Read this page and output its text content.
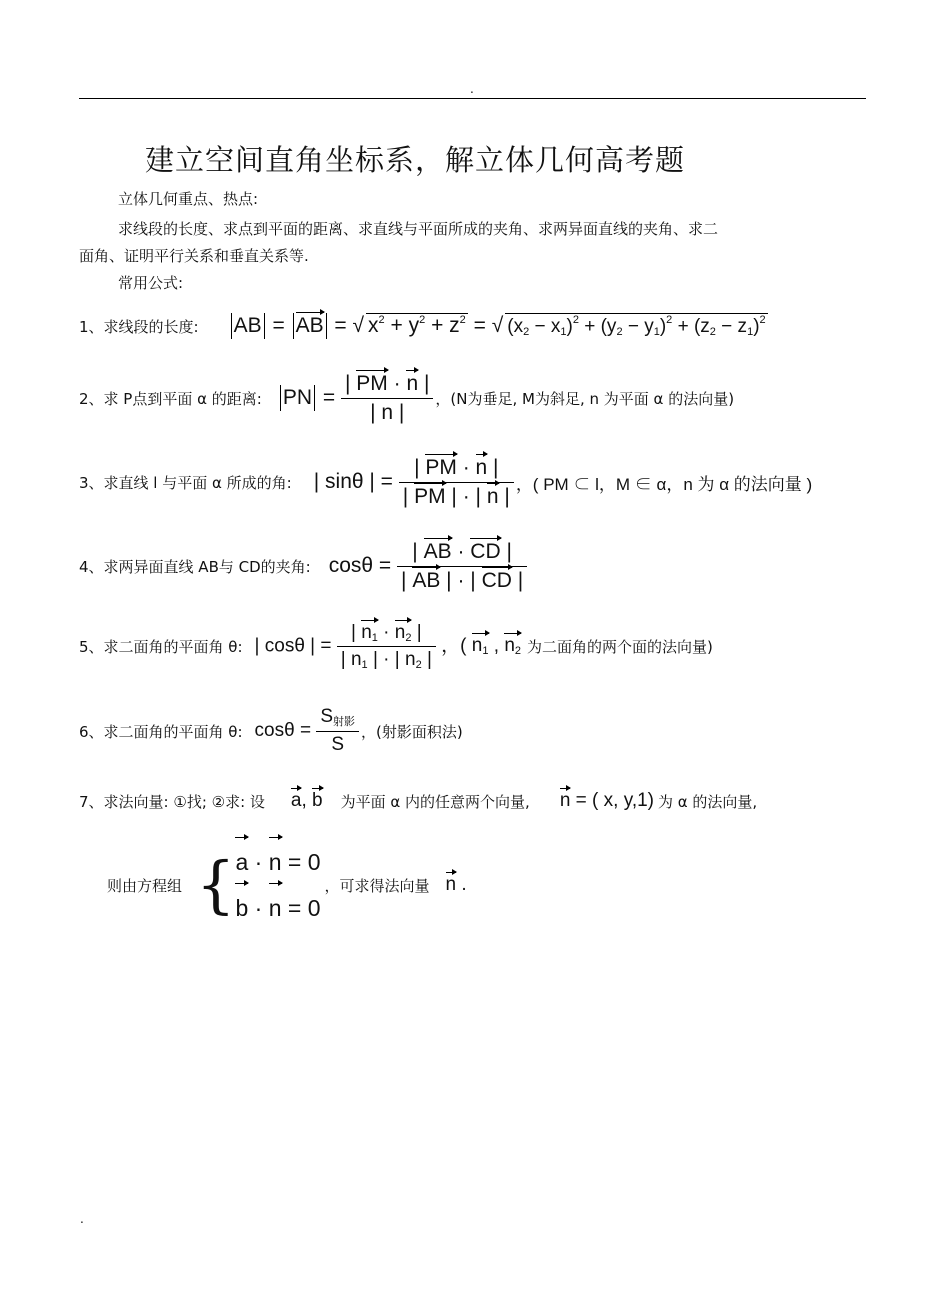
.
建立空间直角坐标系，解立体几何高考题
立体几何重点、热点:
求线段的长度、求点到平面的距离、求直线与平面所成的夹角、求两异面直线的夹角、求二
面角、证明平行关系和垂直关系等.
常用公式:
1、求线段的长度: AB = AB = √ $x^2 + y^2 + z^2$ = √ $(x_2 - x_1)^2 + (y_2 - y_1)^2 + (z_2 - z_1)^2$
2、求 P点到平面 α 的距离: PN = $\frac{| PM \cdot n |}{| n |}$ ，(N为垂足, M为斜足, n 为平面 α 的法向量)
3、求直线 l 与平面 α 所成的角: | sinθ | = $\frac{| PM \cdot n |}{| PM | \cdot | n |}$ ，( PM ⊂ l，M ∈ α，n 为 α 的法向量 )
4、求两异面直线 AB与 CD的夹角: $\cos\theta = \frac{| AB \cdot CD |}{| AB | \cdot | CD |}$
5、求二面角的平面角 θ: | cosθ | = $\frac{| n_1 \cdot n_2 |}{| n_1 | \cdot | n_2 |}$ ，( $n_1$ , $n_2$ 为二面角的两个面的法向量)
6、求二面角的平面角 θ: $\cos\theta = \frac{S_{射影}}{S}$ ，(射影面积法)
7、求法向量: ①找; ②求: 设 a, b 为平面 α 内的任意两个向量, n = ( x, y,1) 为 α 的法向量,
则由方程组 { a · n = 0
b · n = 0
，可求得法向量 n .
.
